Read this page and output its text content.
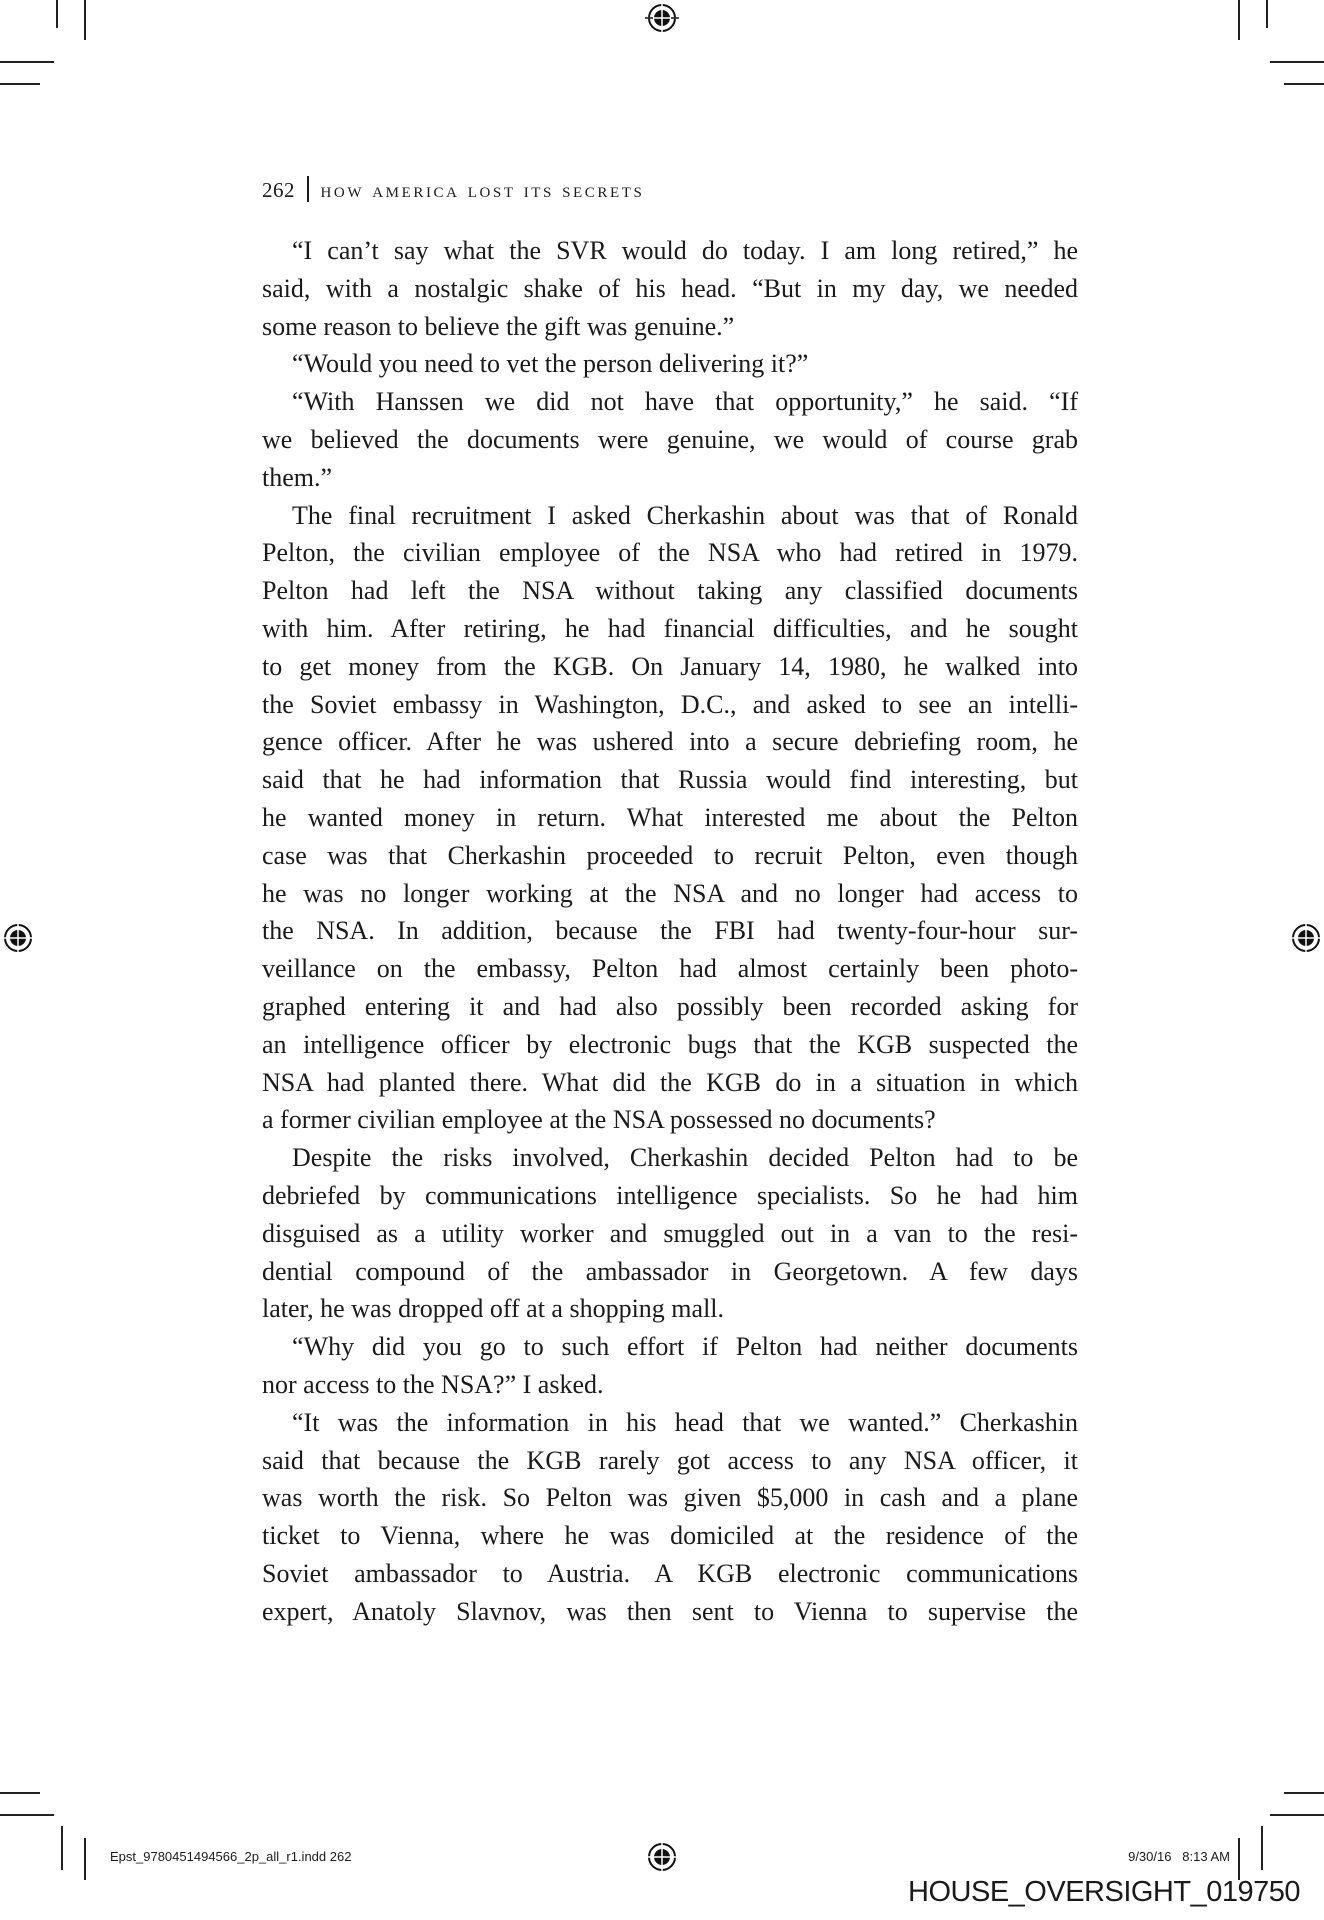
262 how america lost its secrets
“I can’t say what the SVR would do today. I am long retired,” he
said, with a nostalgic shake of his head. “But in my day, we needed
some reason to believe the gift was genuine.”
“Would you need to vet the person delivering it?”
“With Hanssen we did not have that opportunity,” he said. “If
we believed the documents were genuine, we would of course grab
them.”
The final recruitment I asked Cherkashin about was that of Ronald
Pelton, the civilian employee of the NSA who had retired in 1979.
Pelton had left the NSA without taking any classified documents
with him. After retiring, he had financial difficulties, and he sought
to get money from the KGB. On January 14, 1980, he walked into
the Soviet embassy in Washington, D.C., and asked to see an intelli-
gence officer. After he was ushered into a secure debriefing room, he
said that he had information that Russia would find interesting, but
he wanted money in return. What interested me about the Pelton
case was that Cherkashin proceeded to recruit Pelton, even though
he was no longer working at the NSA and no longer had access to
the NSA. In addition, because the FBI had twenty-four-hour sur-
veillance on the embassy, Pelton had almost certainly been photo-
graphed entering it and had also possibly been recorded asking for
an intelligence officer by electronic bugs that the KGB suspected the
NSA had planted there. What did the KGB do in a situation in which
a former civilian employee at the NSA possessed no documents?
Despite the risks involved, Cherkashin decided Pelton had to be
debriefed by communications intelligence specialists. So he had him
disguised as a utility worker and smuggled out in a van to the resi-
dential compound of the ambassador in Georgetown. A few days
later, he was dropped off at a shopping mall.
“Why did you go to such effort if Pelton had neither documents
nor access to the NSA?” I asked.
“It was the information in his head that we wanted.” Cherkashin
said that because the KGB rarely got access to any NSA officer, it
was worth the risk. So Pelton was given $5,000 in cash and a plane
ticket to Vienna, where he was domiciled at the residence of the
Soviet ambassador to Austria. A KGB electronic communications
expert, Anatoly Slavnov, was then sent to Vienna to supervise the
Epst_9780451494566_2p_all_r1.indd 262	9/30/16   8:13 AM
HOUSE_OVERSIGHT_019750
